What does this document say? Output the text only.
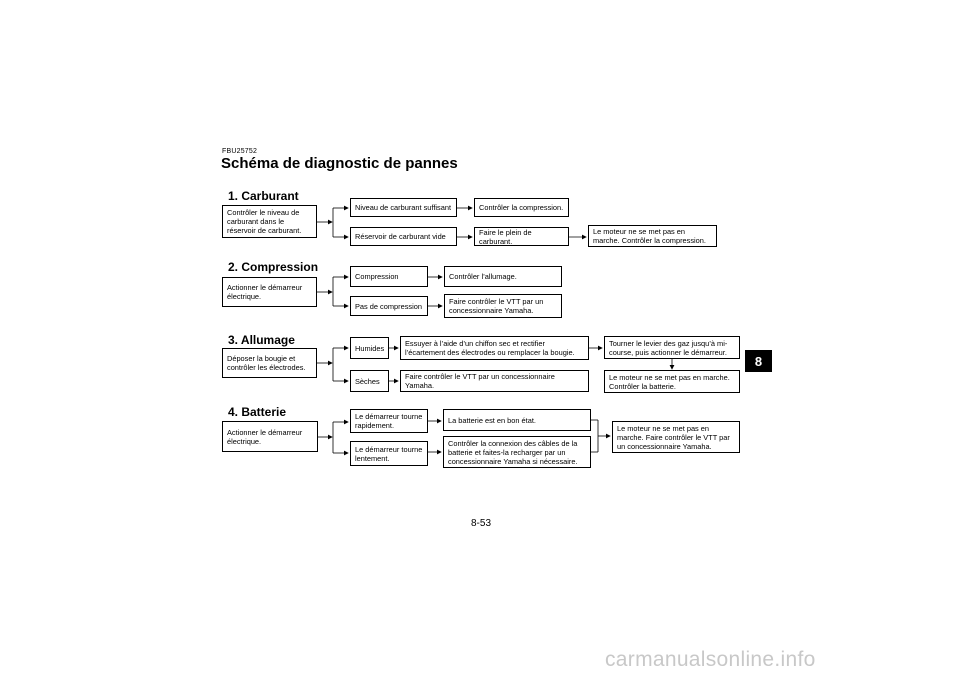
FBU25752
Schéma de diagnostic de pannes
1. Carburant
Contrôler le niveau de carburant dans le réservoir de carburant.
Niveau de carburant suffisant	Contrôler la compression.
Réservoir de carburant vide	Faire le plein de carburant.
Le moteur ne se met pas en marche. Contrôler la compression.
2. Compression
Actionner le démarreur électrique.
Compression	Contrôler l’allumage.
Pas de compression	Faire contrôler le VTT par un concessionnaire Yamaha.
3. Allumage
Déposer la bougie et contrôler les électrodes.
Humides	Essuyer à l’aide d’un chiffon sec et rectifier l’écartement des électrodes ou remplacer la bougie.
Tourner le levier des gaz jusqu’à mi-course, puis actionner le démarreur.
Le moteur ne se met pas en marche. Contrôler la batterie.
Sèches	Faire contrôler le VTT par un concessionnaire Yamaha.
4. Batterie
Actionner le démarreur électrique.
Le démarreur tourne rapidement.
La batterie est en bon état.
Le démarreur tourne lentement.
Contrôler la connexion des câbles de la batterie et faites-la recharger par un concessionnaire Yamaha si nécessaire.
Le moteur ne se met pas en marche. Faire contrôler le VTT par un concessionnaire Yamaha.
8
8-53
carmanualsonline.info
